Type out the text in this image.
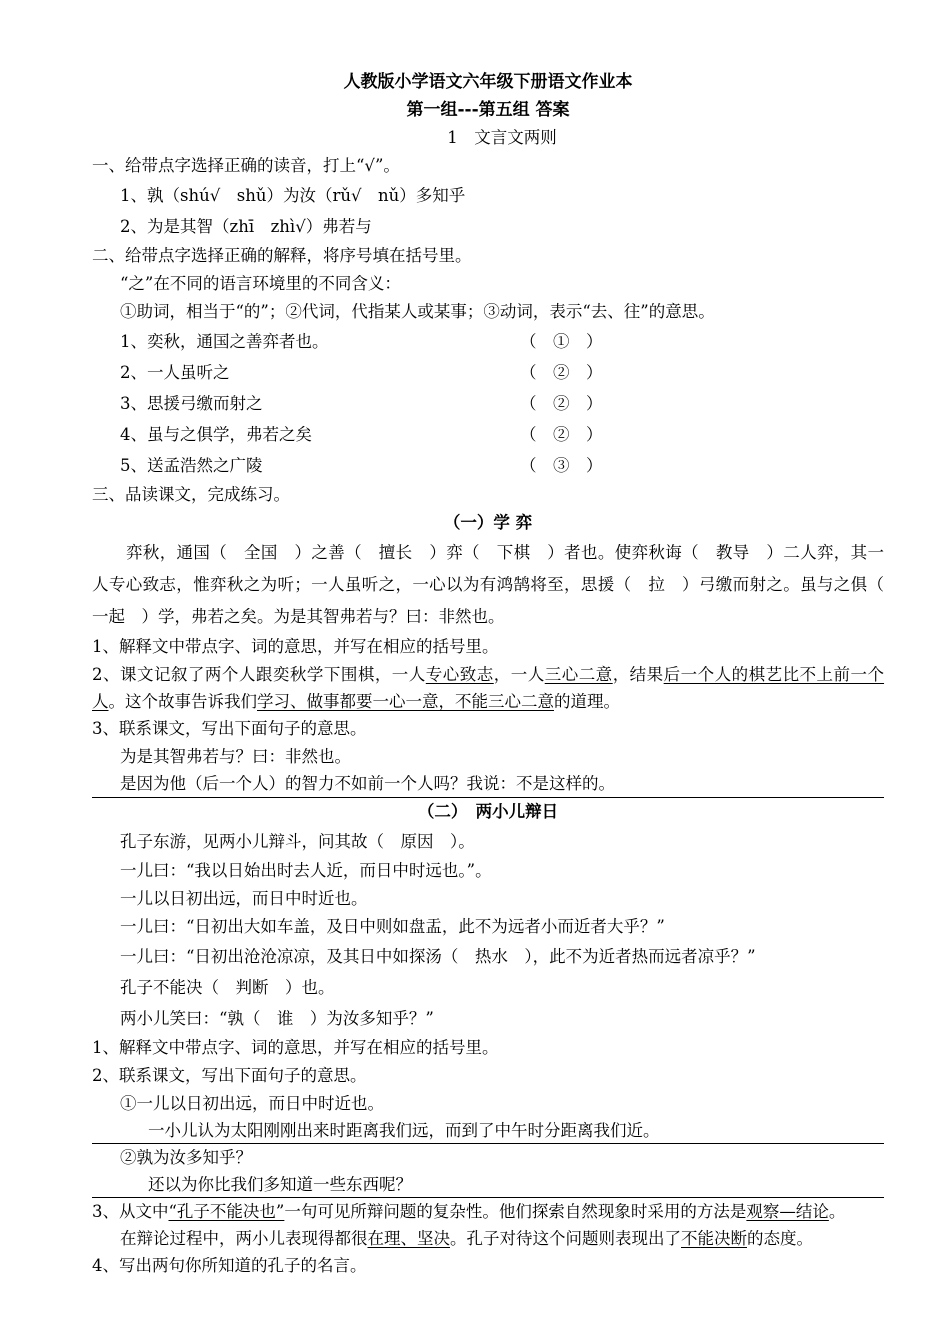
人教版小学语文六年级下册语文作业本
第一组---第五组 答案
1　文言文两则
一、给带点字选择正确的读音，打上“√”。
1、孰（shú√　shǔ）为汝（rǔ√　nǔ）多知乎
2、为是其智（zhī　zhì√）弗若与
二、给带点字选择正确的解释，将序号填在括号里。
“之”在不同的语言环境里的不同含义：
①助词，相当于“的”；②代词，代指某人或某事；③动词，表示“去、往”的意思。
1、奕秋，通国之善弈者也。	（　①　）
2、一人虽听之	（　②　）
3、思援弓缴而射之	（　②　）
4、虽与之俱学，弗若之矣	（　②　）
5、送孟浩然之广陵	（　③　）
三、品读课文，完成练习。
（一）学 弈
弈秋，通国（　全国　）之善（　擅长　）弈（　下棋　）者也。使弈秋诲（　教导　）二人弈，其一人专心致志，惟弈秋之为听；一人虽听之，一心以为有鸿鹄将至，思援（　拉　）弓缴而射之。虽与之俱（　一起　）学，弗若之矣。为是其智弗若与？曰：非然也。
1、解释文中带点字、词的意思，并写在相应的括号里。
2、课文记叙了两个人跟奕秋学下围棋，一人专心致志，一人三心二意，结果后一个人的棋艺比不上前一个人。这个故事告诉我们学习、做事都要一心一意，不能三心二意的道理。
3、联系课文，写出下面句子的意思。
为是其智弗若与？曰：非然也。
是因为他（后一个人）的智力不如前一个人吗？我说：不是这样的。
（二）　两小儿辩日
孔子东游，见两小儿辩斗，问其故（　原因　）。
一儿曰：“我以日始出时去人近，而日中时远也。”。
一儿以日初出远，而日中时近也。
一儿曰：“日初出大如车盖，及日中则如盘盂，此不为远者小而近者大乎？”
一儿曰：“日初出沧沧凉凉，及其日中如探汤（　热水　），此不为近者热而远者凉乎？”
孔子不能决（　判断　）也。
两小儿笑曰：“孰（　谁　）为汝多知乎？”
1、解释文中带点字、词的意思，并写在相应的括号里。
2、联系课文，写出下面句子的意思。
①一儿以日初出远，而日中时近也。
一小儿认为太阳刚刚出来时距离我们远，而到了中午时分距离我们近。
②孰为汝多知乎？
还以为你比我们多知道一些东西呢？
3、从文中“孔子不能决也”一句可见所辩问题的复杂性。他们探索自然现象时采用的方法是观察—结论。
在辩论过程中，两小儿表现得都很在理、坚决。孔子对待这个问题则表现出了不能决断的态度。
4、写出两句你所知道的孔子的名言。
